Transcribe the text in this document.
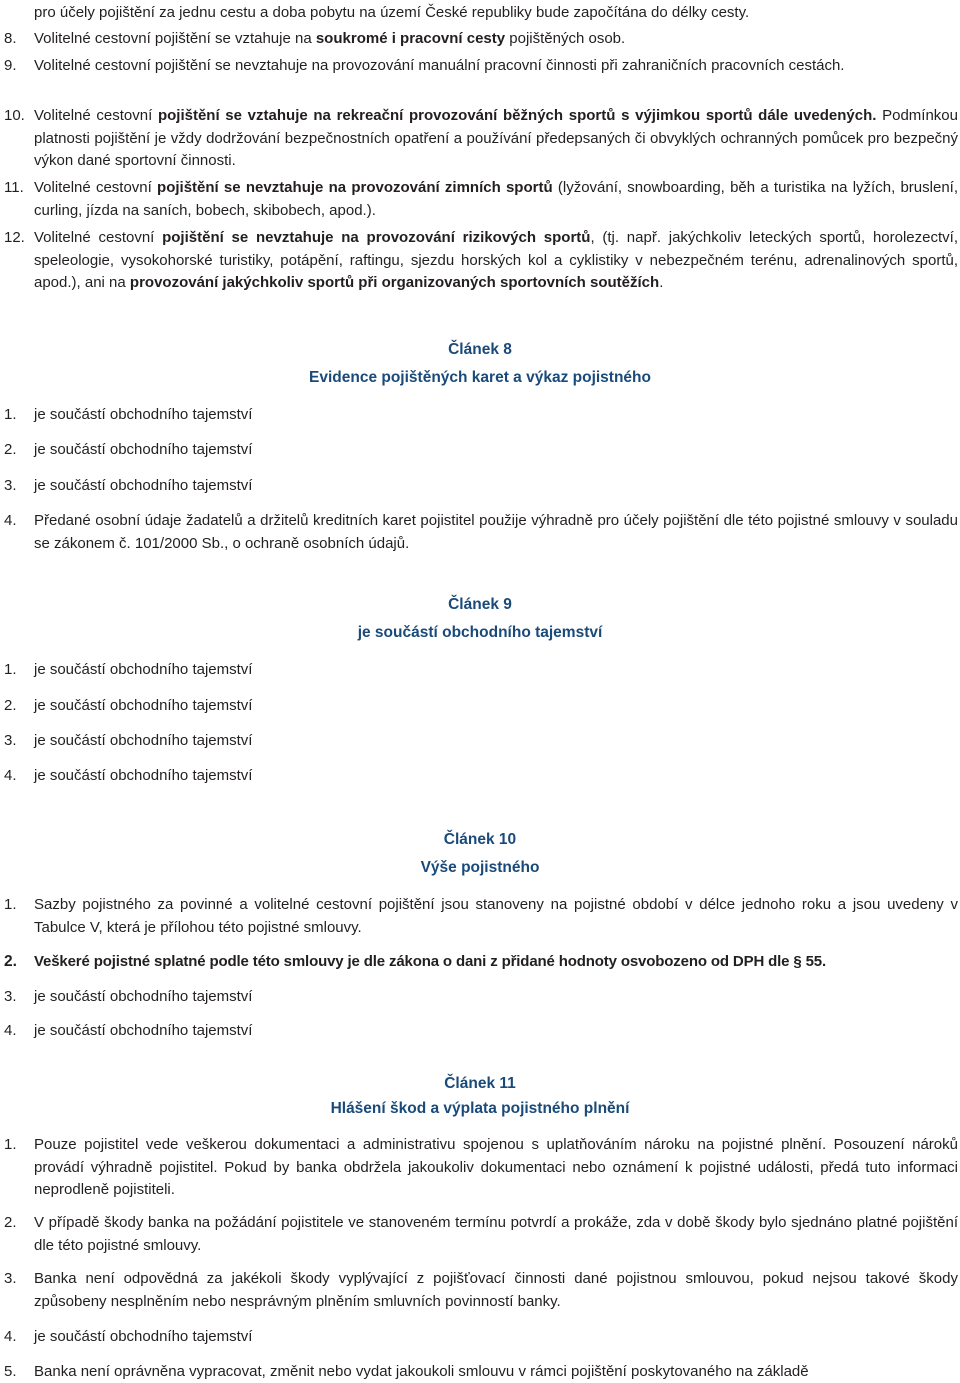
pro účely pojištění za jednu cestu a doba pobytu na území České republiky bude započítána do délky cesty.
8. Volitelné cestovní pojištění se vztahuje na soukromé i pracovní cesty pojištěných osob.
9. Volitelné cestovní pojištění se nevztahuje na provozování manuální pracovní činnosti při zahraničních pracovních cestách.
10. Volitelné cestovní pojištění se vztahuje na rekreační provozování běžných sportů s výjimkou sportů dále uvedených. Podmínkou platnosti pojištění je vždy dodržování bezpečnostních opatření a používání předepsaných či obvyklých ochranných pomůcek pro bezpečný výkon dané sportovní činnosti.
11. Volitelné cestovní pojištění se nevztahuje na provozování zimních sportů (lyžování, snowboarding, běh a turistika na lyžích, bruslení, curling, jízda na saních, bobech, skibobech, apod.).
12. Volitelné cestovní pojištění se nevztahuje na provozování rizikových sportů, (tj. např. jakýchkoliv leteckých sportů, horolezectví, speleologie, vysokohorské turistiky, potápění, raftingu, sjezdu horských kol a cyklistiky v nebezpečném terénu, adrenalinových sportů, apod.), ani na provozování jakýchkoliv sportů při organizovaných sportovních soutěžích.
Článek 8
Evidence pojištěných karet a výkaz pojistného
1. je součástí obchodního tajemství
2. je součástí obchodního tajemství
3. je součástí obchodního tajemství
4. Předané osobní údaje žadatelů a držitelů kreditních karet pojistitel použije výhradně pro účely pojištění dle této pojistné smlouvy v souladu se zákonem č. 101/2000 Sb., o ochraně osobních údajů.
Článek 9
je součástí obchodního tajemství
1. je součástí obchodního tajemství
2. je součástí obchodního tajemství
3. je součástí obchodního tajemství
4. je součástí obchodního tajemství
Článek 10
Výše pojistného
1. Sazby pojistného za povinné a volitelné cestovní pojištění jsou stanoveny na pojistné období v délce jednoho roku a jsou uvedeny v Tabulce V, která je přílohou této pojistné smlouvy.
2. Veškeré pojistné splatné podle této smlouvy je dle zákona o dani z přidané hodnoty osvobozeno od DPH dle § 55.
3. je součástí obchodního tajemství
4. je součástí obchodního tajemství
Článek 11
Hlášení škod a výplata pojistného plnění
1. Pouze pojistitel vede veškerou dokumentaci a administrativu spojenou s uplatňováním nároku na pojistné plnění. Posouzení nároků provádí výhradně pojistitel. Pokud by banka obdržela jakoukoliv dokumentaci nebo oznámení k pojistné události, předá tuto informaci neprodleně pojistiteli.
2. V případě škody banka na požádání pojistitele ve stanoveném termínu potvrdí a prokáže, zda v době škody bylo sjednáno platné pojištění dle této pojistné smlouvy.
3. Banka není odpovědná za jakékoli škody vyplývající z pojišťovací činnosti dané pojistnou smlouvou, pokud nejsou takové škody způsobeny nesplněním nebo nesprávným plněním smluvních povinností banky.
4. je součástí obchodního tajemství
5. Banka není oprávněna vypracovat, změnit nebo vydat jakoukoli smlouvu v rámci pojištění poskytovaného na základě
